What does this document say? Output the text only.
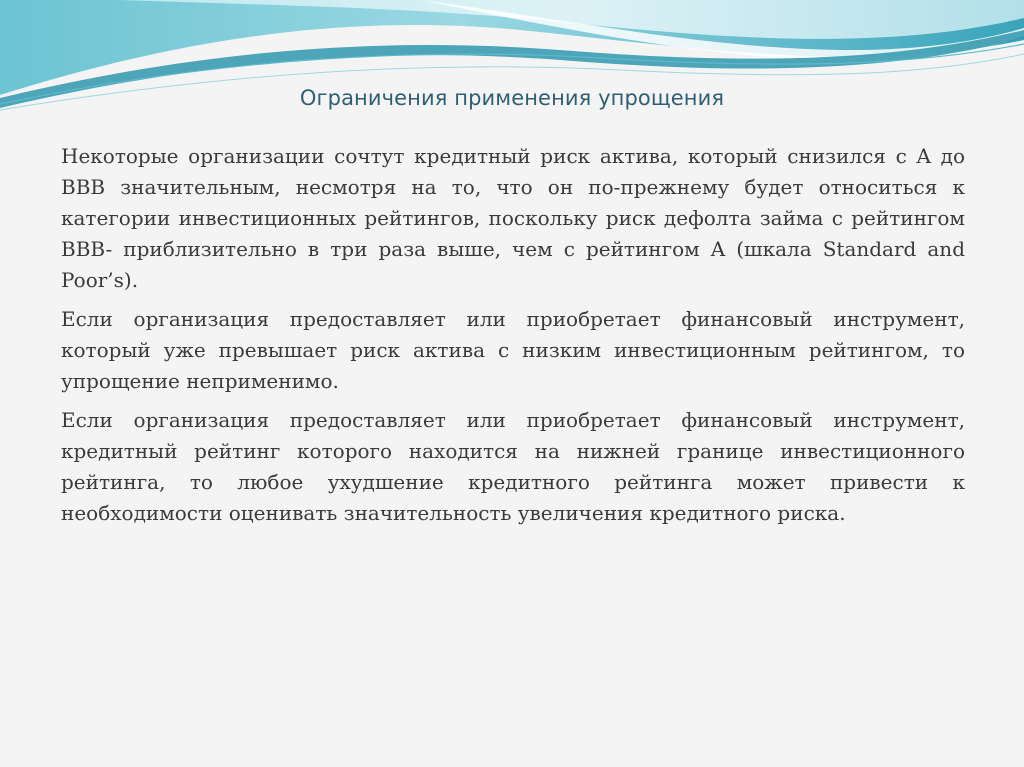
Ограничения применения упрощения

Некоторые организации сочтут кредитный риск актива, который снизился с A до BBB значительным, несмотря на то, что он по-прежнему будет относиться к категории инвестиционных рейтингов, поскольку риск дефолта займа с рейтингом BBB- приблизительно в три раза выше, чем с рейтингом A (шкала Standard and Poor’s).

Если организация предоставляет или приобретает финансовый инструмент, который уже превышает риск актива с низким инвестиционным рейтингом, то упрощение неприменимо.

Если организация предоставляет или приобретает финансовый инструмент, кредитный рейтинг которого находится на нижней границе инвестиционного рейтинга, то любое ухудшение кредитного рейтинга может привести к необходимости оценивать значительность увеличения кредитного риска.
